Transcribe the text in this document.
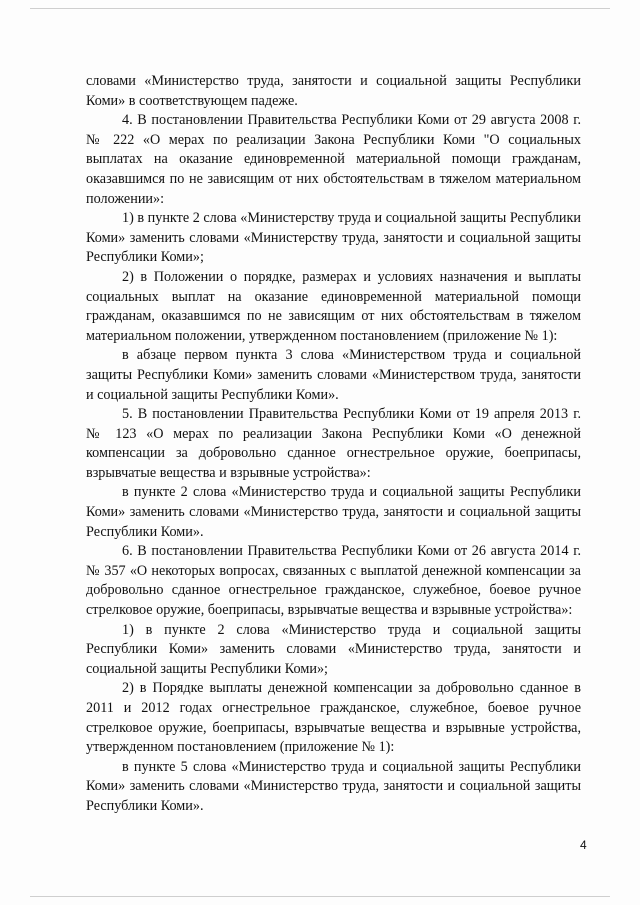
словами «Министерство труда, занятости и социальной защиты Республики Коми» в соответствующем падеже.

4. В постановлении Правительства Республики Коми от 29 августа 2008 г. № 222 «О мерах по реализации Закона Республики Коми "О социальных выплатах на оказание единовременной материальной помощи гражданам, оказавшимся по не зависящим от них обстоятельствам в тяжелом материальном положении»:

1) в пункте 2 слова «Министерству труда и социальной защиты Республики Коми» заменить словами «Министерству труда, занятости и социальной защиты Республики Коми»;

2) в Положении о порядке, размерах и условиях назначения и выплаты социальных выплат на оказание единовременной материальной помощи гражданам, оказавшимся по не зависящим от них обстоятельствам в тяжелом материальном положении, утвержденном постановлением (приложение № 1):

в абзаце первом пункта 3 слова «Министерством труда и социальной защиты Республики Коми» заменить словами «Министерством труда, занятости и социальной защиты Республики Коми».

5. В постановлении Правительства Республики Коми от 19 апреля 2013 г. № 123 «О мерах по реализации Закона Республики Коми «О денежной компенсации за добровольно сданное огнестрельное оружие, боеприпасы, взрывчатые вещества и взрывные устройства»:

в пункте 2 слова «Министерство труда и социальной защиты Республики Коми» заменить словами «Министерство труда, занятости и социальной защиты Республики Коми».

6. В постановлении Правительства Республики Коми от 26 августа 2014 г. № 357 «О некоторых вопросах, связанных с выплатой денежной компенсации за добровольно сданное огнестрельное гражданское, служебное, боевое ручное стрелковое оружие, боеприпасы, взрывчатые вещества и взрывные устройства»:

1) в пункте 2 слова «Министерство труда и социальной защиты Республики Коми» заменить словами «Министерство труда, занятости и социальной защиты Республики Коми»;

2) в Порядке выплаты денежной компенсации за добровольно сданное в 2011 и 2012 годах огнестрельное гражданское, служебное, боевое ручное стрелковое оружие, боеприпасы, взрывчатые вещества и взрывные устройства, утвержденном постановлением (приложение № 1):

в пункте 5 слова «Министерство труда и социальной защиты Республики Коми» заменить словами «Министерство труда, занятости и социальной защиты Республики Коми».

4
